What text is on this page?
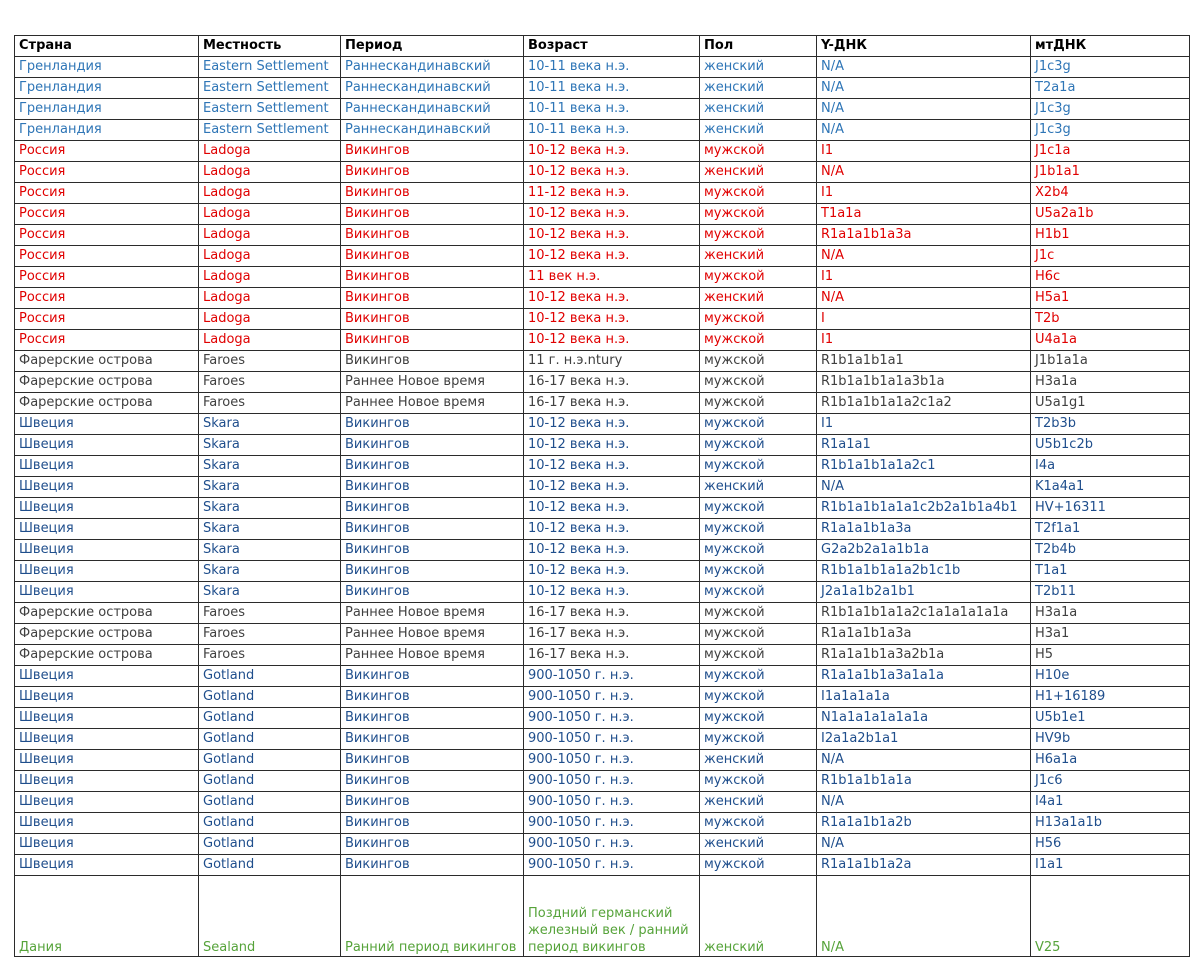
Страна	Местность	Период	Возраст	Пол	Y-ДНК	мтДНК
Гренландия	Eastern Settlement	Раннескандинавский	10-11 века н.э.	женский	N/A	J1c3g
Гренландия	Eastern Settlement	Раннескандинавский	10-11 века н.э.	женский	N/A	T2a1a
Гренландия	Eastern Settlement	Раннескандинавский	10-11 века н.э.	женский	N/A	J1c3g
Гренландия	Eastern Settlement	Раннескандинавский	10-11 века н.э.	женский	N/A	J1c3g
Россия	Ladoga	Викингов	10-12 века н.э.	мужской	I1	J1c1a
Россия	Ladoga	Викингов	10-12 века н.э.	женский	N/A	J1b1a1
Россия	Ladoga	Викингов	11-12 века н.э.	мужской	I1	X2b4
Россия	Ladoga	Викингов	10-12 века н.э.	мужской	T1a1a	U5a2a1b
Россия	Ladoga	Викингов	10-12 века н.э.	мужской	R1a1a1b1a3a	H1b1
Россия	Ladoga	Викингов	10-12 века н.э.	женский	N/A	J1c
Россия	Ladoga	Викингов	11 век н.э.	мужской	I1	H6c
Россия	Ladoga	Викингов	10-12 века н.э.	женский	N/A	H5a1
Россия	Ladoga	Викингов	10-12 века н.э.	мужской	I	T2b
Россия	Ladoga	Викингов	10-12 века н.э.	мужской	I1	U4a1a
Фарерские острова	Faroes	Викингов	11 г. н.э.ntury	мужской	R1b1a1b1a1	J1b1a1a
Фарерские острова	Faroes	Раннее Новое время	16-17 века н.э.	мужской	R1b1a1b1a1a3b1a	H3a1a
Фарерские острова	Faroes	Раннее Новое время	16-17 века н.э.	мужской	R1b1a1b1a1a2c1a2	U5a1g1
Швеция	Skara	Викингов	10-12 века н.э.	мужской	I1	T2b3b
Швеция	Skara	Викингов	10-12 века н.э.	мужской	R1a1a1	U5b1c2b
Швеция	Skara	Викингов	10-12 века н.э.	мужской	R1b1a1b1a1a2c1	I4a
Швеция	Skara	Викингов	10-12 века н.э.	женский	N/A	K1a4a1
Швеция	Skara	Викингов	10-12 века н.э.	мужской	R1b1a1b1a1a1c2b2a1b1a4b1	HV+16311
Швеция	Skara	Викингов	10-12 века н.э.	мужской	R1a1a1b1a3a	T2f1a1
Швеция	Skara	Викингов	10-12 века н.э.	мужской	G2a2b2a1a1b1a	T2b4b
Швеция	Skara	Викингов	10-12 века н.э.	мужской	R1b1a1b1a1a2b1c1b	T1a1
Швеция	Skara	Викингов	10-12 века н.э.	мужской	J2a1a1b2a1b1	T2b11
Фарерские острова	Faroes	Раннее Новое время	16-17 века н.э.	мужской	R1b1a1b1a1a2c1a1a1a1a1a	H3a1a
Фарерские острова	Faroes	Раннее Новое время	16-17 века н.э.	мужской	R1a1a1b1a3a	H3a1
Фарерские острова	Faroes	Раннее Новое время	16-17 века н.э.	мужской	R1a1a1b1a3a2b1a	H5
Швеция	Gotland	Викингов	900-1050 г. н.э.	мужской	R1a1a1b1a3a1a1a	H10e
Швеция	Gotland	Викингов	900-1050 г. н.э.	мужской	I1a1a1a1a	H1+16189
Швеция	Gotland	Викингов	900-1050 г. н.э.	мужской	N1a1a1a1a1a1a	U5b1e1
Швеция	Gotland	Викингов	900-1050 г. н.э.	мужской	I2a1a2b1a1	HV9b
Швеция	Gotland	Викингов	900-1050 г. н.э.	женский	N/A	H6a1a
Швеция	Gotland	Викингов	900-1050 г. н.э.	мужской	R1b1a1b1a1a	J1c6
Швеция	Gotland	Викингов	900-1050 г. н.э.	женский	N/A	I4a1
Швеция	Gotland	Викингов	900-1050 г. н.э.	мужской	R1a1a1b1a2b	H13a1a1b
Швеция	Gotland	Викингов	900-1050 г. н.э.	женский	N/A	H56
Швеция	Gotland	Викингов	900-1050 г. н.э.	мужской	R1a1a1b1a2a	I1a1
Дания	Sealand	Ранний период викингов	Поздний германский железный век / ранний период викингов	женский	N/A	V25
